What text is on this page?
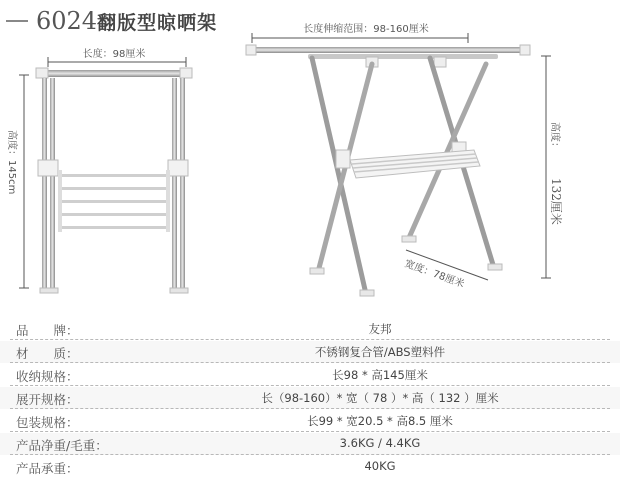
6024 翻版型晾晒架
长度：98厘米
高度：145cm
长度伸缩范围：98-160厘米
高度：
132厘米
宽度：78厘米
品　　牌：	友邦
材　　质：	不锈钢复合管/ABS塑料件
收纳规格：	长98 * 高145厘米
展开规格：	长（98-160）* 宽（ 78 ）* 高（ 132 ）厘米
包装规格：	长99 * 宽20.5 * 高8.5 厘米
产品净重/毛重：	3.6KG / 4.4KG
产品承重：	40KG
